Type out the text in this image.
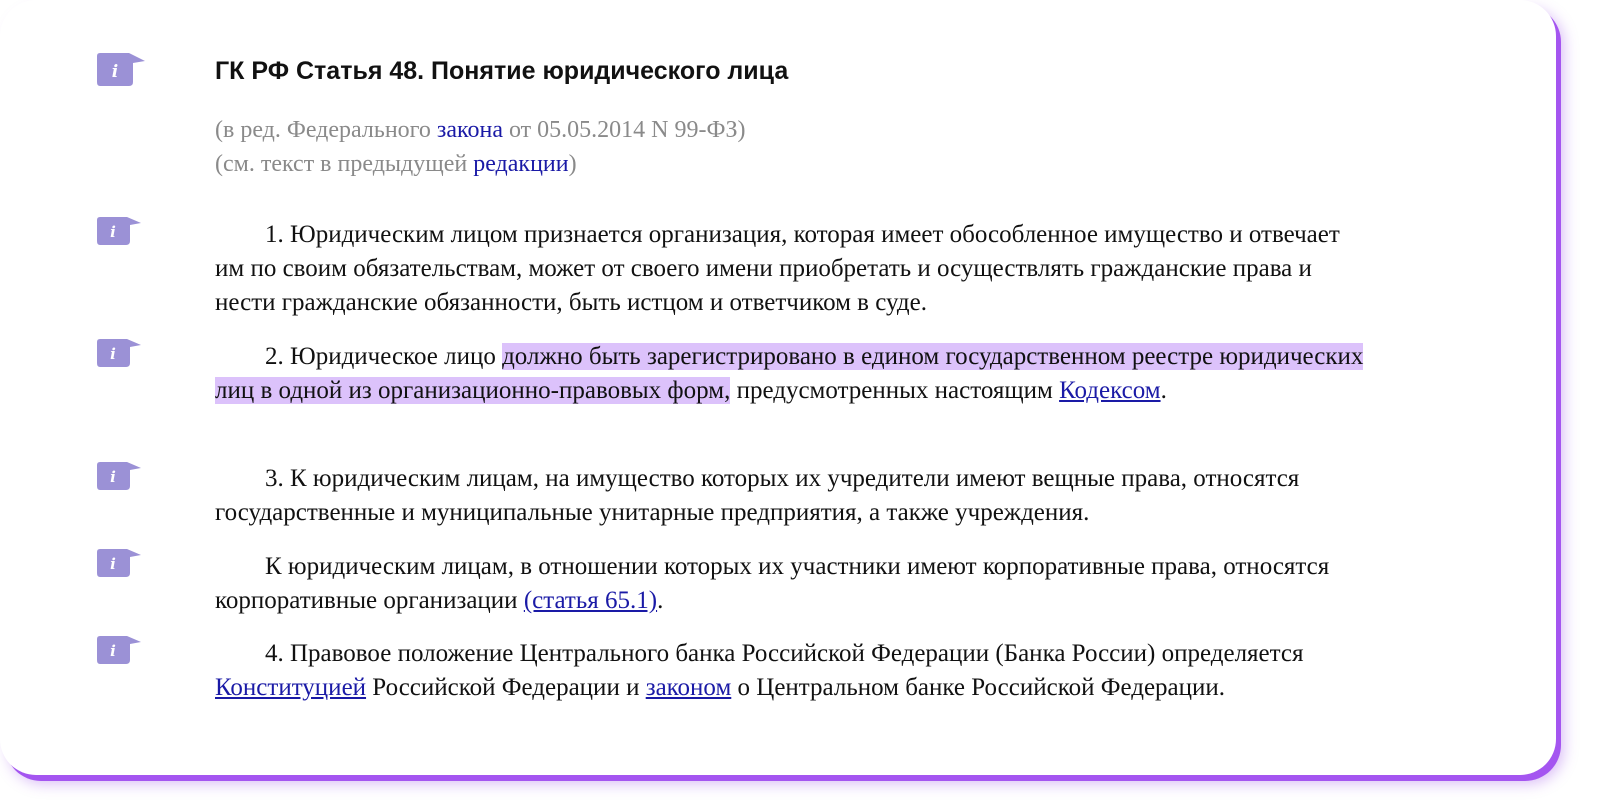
i
i
i
i
i
i
ГК РФ Статья 48. Понятие юридического лица
(в ред. Федерального закона от 05.05.2014 N 99-ФЗ)
(см. текст в предыдущей редакции)

1. Юридическим лицом признается организация, которая имеет обособленное имущество и отвечает им по своим обязательствам, может от своего имени приобретать и осуществлять гражданские права и нести гражданские обязанности, быть истцом и ответчиком в суде.

2. Юридическое лицо должно быть зарегистрировано в едином государственном реестре юридических лиц в одной из организационно-правовых форм, предусмотренных настоящим Кодексом.

3. К юридическим лицам, на имущество которых их учредители имеют вещные права, относятся государственные и муниципальные унитарные предприятия, а также учреждения.

К юридическим лицам, в отношении которых их участники имеют корпоративные права, относятся корпоративные организации (статья 65.1).

4. Правовое положение Центрального банка Российской Федерации (Банка России) определяется Конституцией Российской Федерации и законом о Центральном банке Российской Федерации.
